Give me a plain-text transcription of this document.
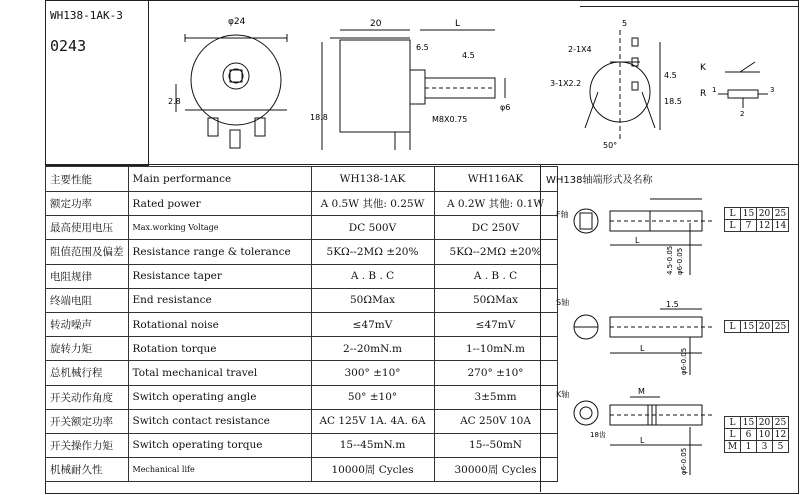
WH138-1AK-3
0243
φ24
2.8
20	L
6.5
4.5
18.8	M8X0.75
φ6
5
2-1X4
3-1X2.2
4.5
18.5
50°
K
R 1
2
3
主要性能	Main performance	WH138-1AK	WH116AK
额定功率	Rated power	A 0.5W 其他: 0.25W	A 0.2W 其他: 0.1W
最高使用电压	Max.working Voltage	DC 500V	DC 250V
阻值范围及偏差	Resistance range & tolerance	5KΩ--2MΩ ±20%	5KΩ--2MΩ ±20%
电阻规律	Resistance taper	A . B . C	A . B . C
终端电阻	End resistance	50ΩMax	50ΩMax
转动噪声	Rotational noise	≤47mV	≤47mV
旋转力矩	Rotation torque	2--20mN.m	1--10mN.m
总机械行程	Total mechanical travel	300° ±10°	270° ±10°
开关动作角度	Switch operating angle	50° ±10°	3±5mm
开关额定功率	Switch contact resistance	AC 125V 1A. 4A. 6A	AC 250V 10A
开关操作力矩	Switch operating torque	15--45mN.m	15--50mN
机械耐久性	Mechanical life	10000周 Cycles	30000周 Cycles
WH138轴端形式及名称
F轴
S轴
K轴
L
φ6-0.05
4.5-0.05
1.5
L	φ6-0.05
M
18齿
L
φ6-0.05
L	15	20	25
L	7	12	14
L	15	20	25
L	15	20	25
L	6	10	12
M	1	3	5
